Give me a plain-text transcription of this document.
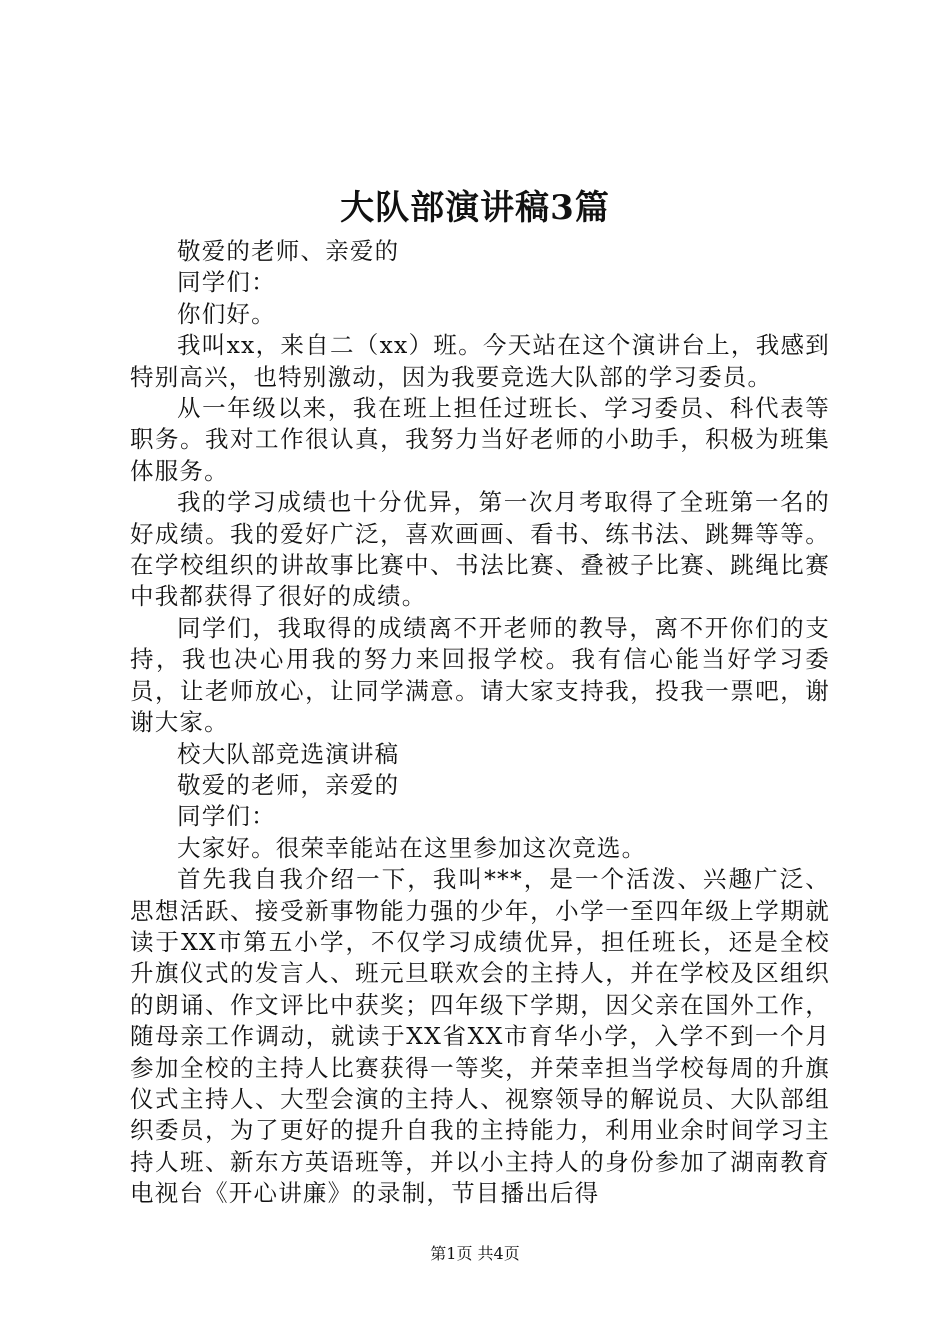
大队部演讲稿3篇

敬爱的老师、亲爱的

同学们：

你们好。

我叫xx，来自二（xx）班。今天站在这个演讲台上，我感到特别高兴，也特别激动，因为我要竞选大队部的学习委员。

从一年级以来，我在班上担任过班长、学习委员、科代表等职务。我对工作很认真，我努力当好老师的小助手，积极为班集体服务。

我的学习成绩也十分优异，第一次月考取得了全班第一名的好成绩。我的爱好广泛，喜欢画画、看书、练书法、跳舞等等。在学校组织的讲故事比赛中、书法比赛、叠被子比赛、跳绳比赛中我都获得了很好的成绩。

同学们，我取得的成绩离不开老师的教导，离不开你们的支持，我也决心用我的努力来回报学校。我有信心能当好学习委员，让老师放心，让同学满意。请大家支持我，投我一票吧，谢谢大家。

校大队部竞选演讲稿

敬爱的老师，亲爱的

同学们：

大家好。很荣幸能站在这里参加这次竞选。

首先我自我介绍一下，我叫***，是一个活泼、兴趣广泛、思想活跃、接受新事物能力强的少年，小学一至四年级上学期就读于XX市第五小学，不仅学习成绩优异，担任班长，还是全校升旗仪式的发言人、班元旦联欢会的主持人，并在学校及区组织的朗诵、作文评比中获奖；四年级下学期，因父亲在国外工作，随母亲工作调动，就读于XX省XX市育华小学，入学不到一个月参加全校的主持人比赛获得一等奖，并荣幸担当学校每周的升旗仪式主持人、大型会演的主持人、视察领导的解说员、大队部组织委员，为了更好的提升自我的主持能力，利用业余时间学习主持人班、新东方英语班等，并以小主持人的身份参加了湖南教育电视台《开心讲廉》的录制，节目播出后得

第1页 共4页
